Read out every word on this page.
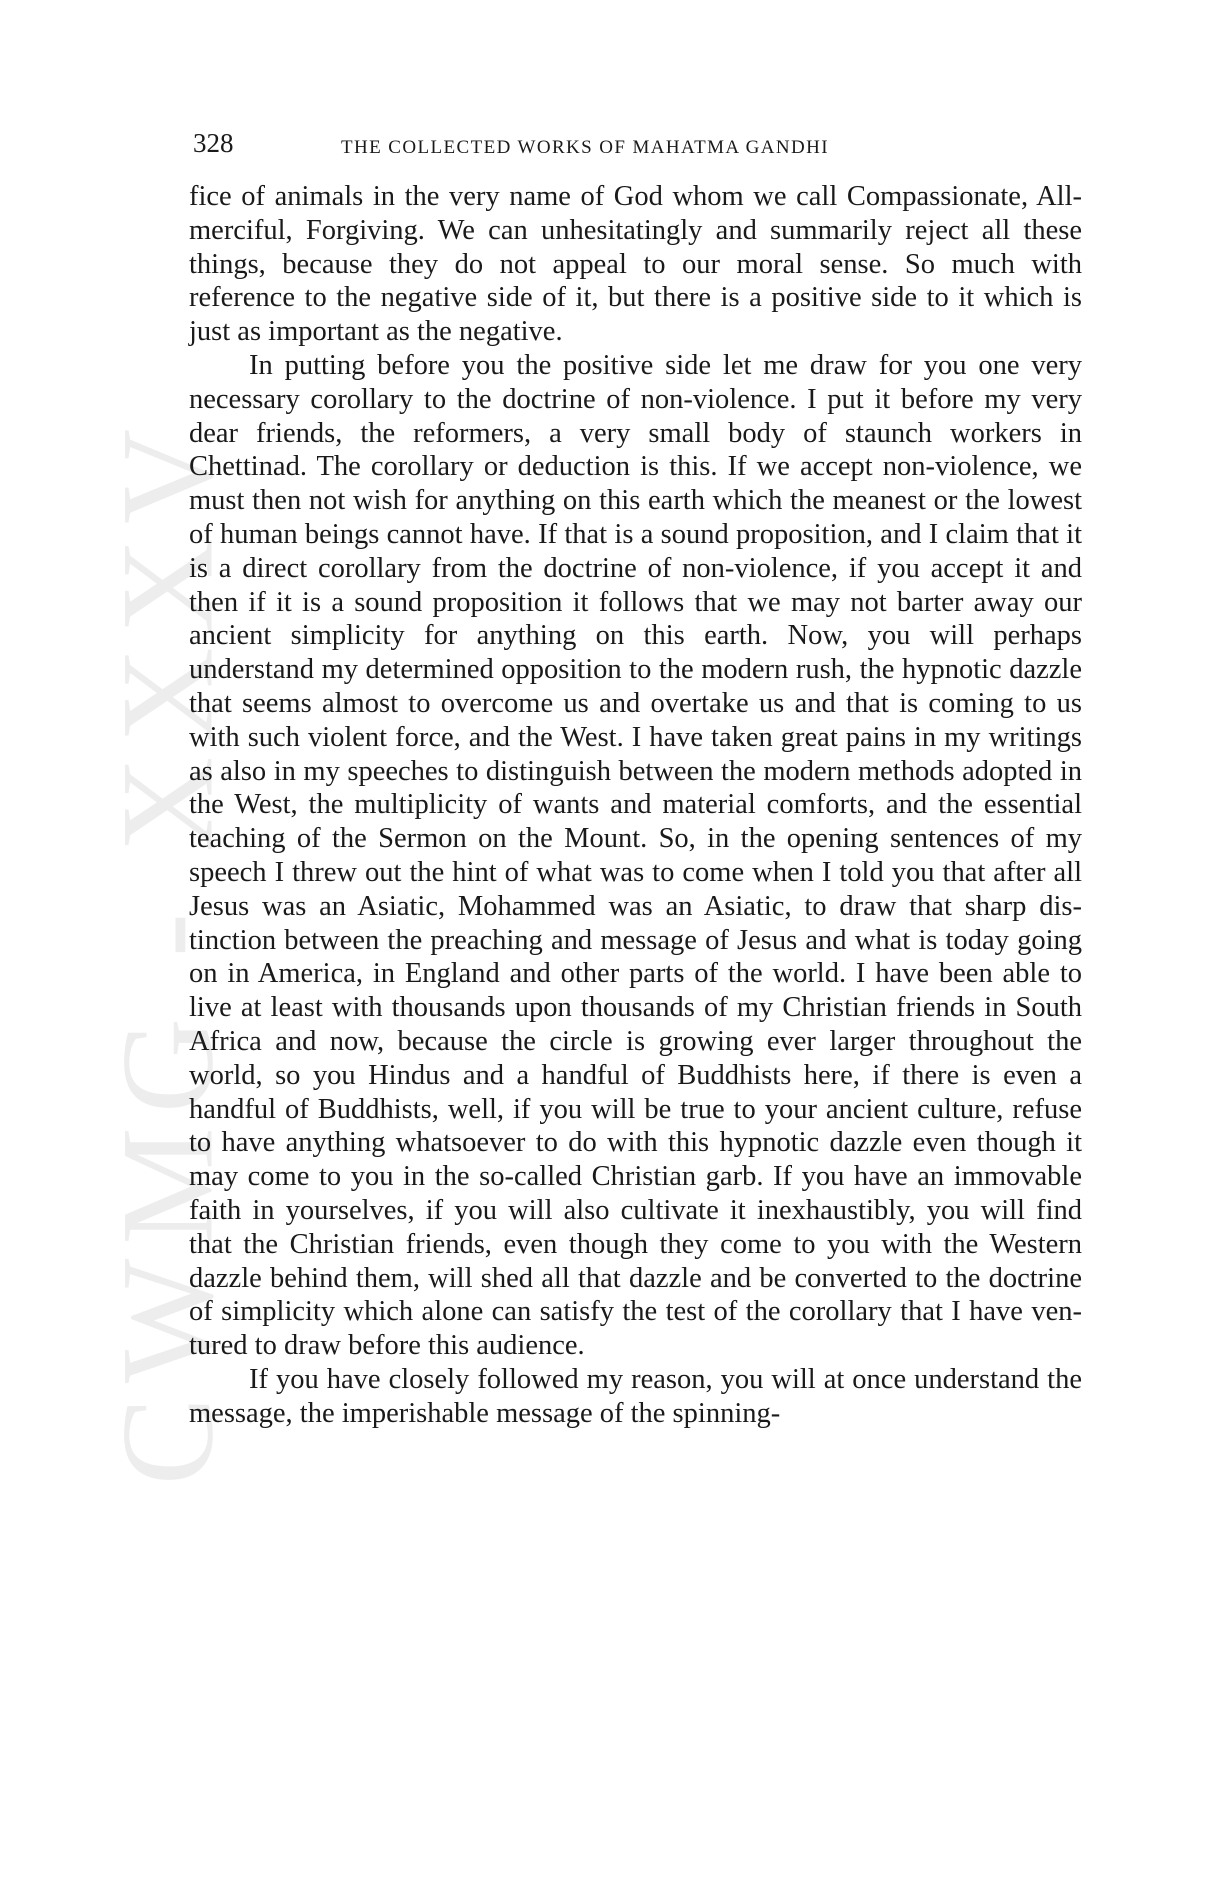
CWMG - XXXV
328	THE COLLECTED WORKS OF MAHATMA GANDHI

fice of animals in the very name of God whom we call Compassionate, All-merciful, Forgiving. We can unhesitatingly and summarily reject all these things, because they do not appeal to our moral sense. So much with reference to the negative side of it, but there is a positive side to it which is just as important as the negative.

In putting before you the positive side let me draw for you one very necessary corollary to the doctrine of non-violence. I put it before my very dear friends, the reformers, a very small body of staunch workers in Chettinad. The corollary or deduction is this. If we accept non-violence, we must then not wish for anything on this earth which the meanest or the lowest of human beings cannot have. If that is a sound proposition, and I claim that it is a direct corollary from the doctrine of non-violence, if you accept it and then if it is a sound proposition it follows that we may not barter away our ancient simplicity for anything on this earth. Now, you will perhaps understand my determined opposition to the modern rush, the hypnotic dazzle that seems almost to overcome us and overtake us and that is coming to us with such violent force, and the West. I have taken great pains in my writings as also in my speeches to distinguish between the modern methods adopted in the West, the multiplicity of wants and material comforts, and the essential teaching of the Sermon on the Mount. So, in the opening sentences of my speech I threw out the hint of what was to come when I told you that after all Jesus was an Asiatic, Mohammed was an Asiatic, to draw that sharp distinction between the preaching and message of Jesus and what is today going on in America, in England and other parts of the world. I have been able to live at least with thousands upon thousands of my Christian friends in South Africa and now, because the circle is growing ever larger throughout the world, so you Hindus and a handful of Buddhists here, if there is even a handful of Buddhists, well, if you will be true to your ancient culture, refuse to have anything whatsoever to do with this hypnotic dazzle even though it may come to you in the so-called Christian garb. If you have an immovable faith in yourselves, if you will also cultivate it inexhaustibly, you will find that the Christian friends, even though they come to you with the Western dazzle behind them, will shed all that dazzle and be converted to the doctrine of simplicity which alone can satisfy the test of the corollary that I have ventured to draw before this audience.

If you have closely followed my reason, you will at once understand the message, the imperishable message of the spinning-
